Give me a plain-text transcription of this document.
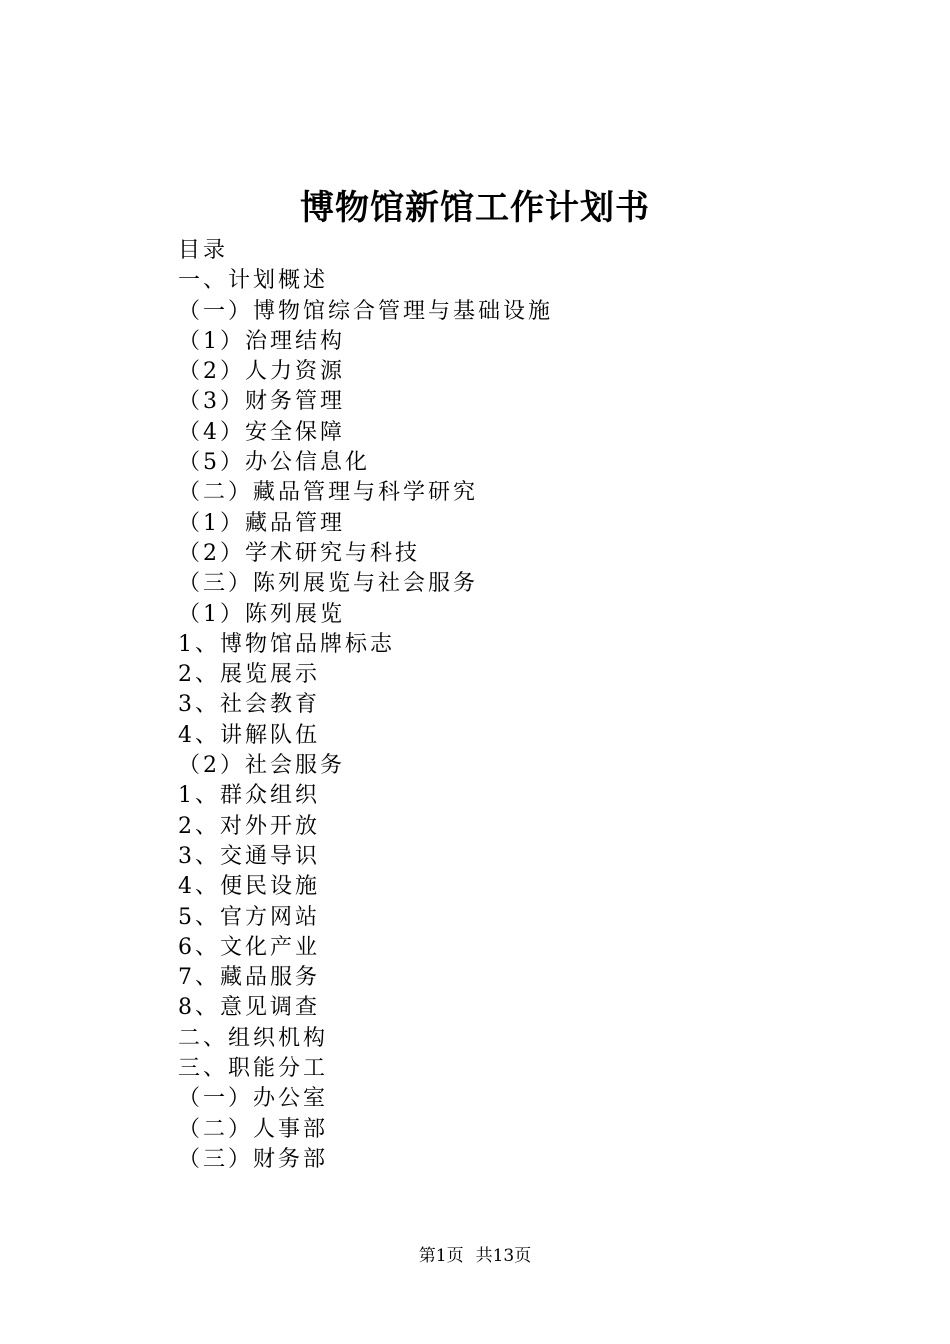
博物馆新馆工作计划书
目录
一、计划概述
（一）博物馆综合管理与基础设施
（1）治理结构
（2）人力资源
（3）财务管理
（4）安全保障
（5）办公信息化
（二）藏品管理与科学研究
（1）藏品管理
（2）学术研究与科技
（三）陈列展览与社会服务
（1）陈列展览
1、博物馆品牌标志
2、展览展示
3、社会教育
4、讲解队伍
（2）社会服务
1、群众组织
2、对外开放
3、交通导识
4、便民设施
5、官方网站
6、文化产业
7、藏品服务
8、意见调查
二、组织机构
三、职能分工
（一）办公室
（二）人事部
（三）财务部
第1页 共13页
